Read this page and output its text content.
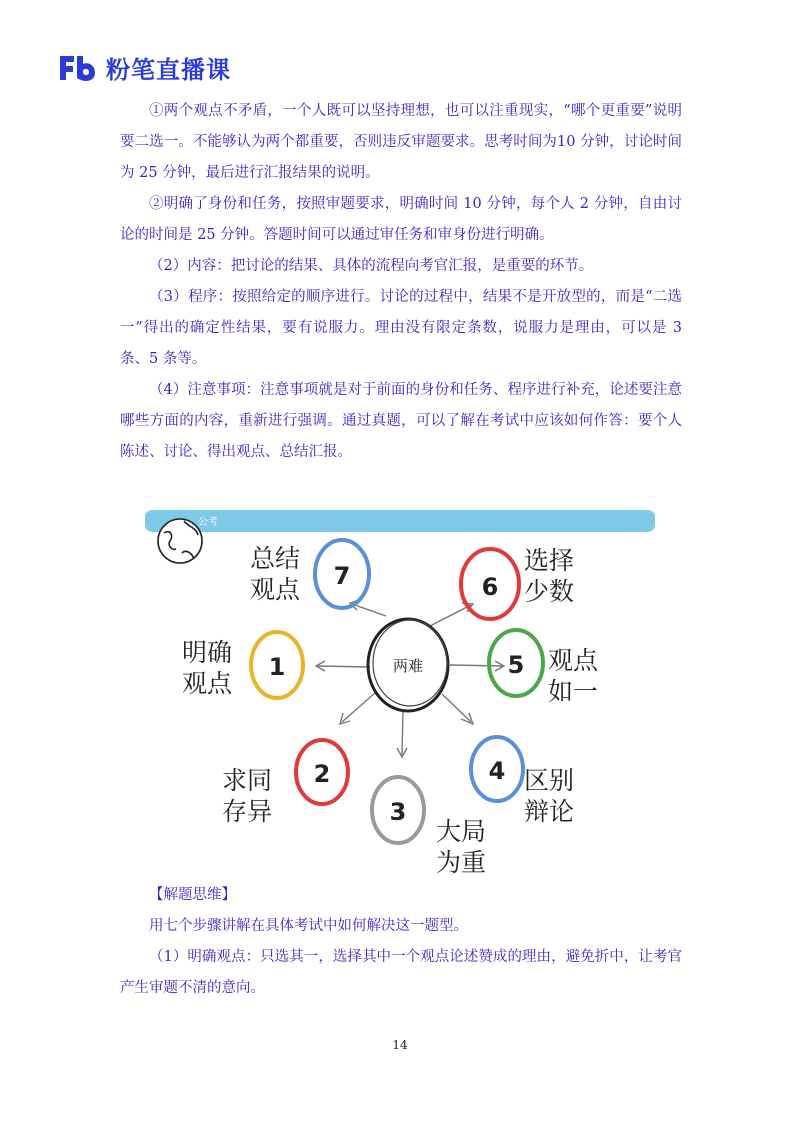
粉笔直播课

①两个观点不矛盾，一个人既可以坚持理想，也可以注重现实，“哪个更重要”说明要二选一。不能够认为两个都重要，否则违反审题要求。思考时间为10 分钟，讨论时间为 25 分钟，最后进行汇报结果的说明。

②明确了身份和任务，按照审题要求，明确时间 10 分钟，每个人 2 分钟，自由讨论的时间是 25 分钟。答题时间可以通过审任务和审身份进行明确。

（2）内容：把讨论的结果、具体的流程向考官汇报，是重要的环节。

（3）程序：按照给定的顺序进行。讨论的过程中，结果不是开放型的，而是“二选一”得出的确定性结果，要有说服力。理由没有限定条数，说服力是理由，可以是 3 条、5 条等。

（4）注意事项：注意事项就是对于前面的身份和任务、程序进行补充，论述要注意哪些方面的内容，重新进行强调。通过真题，可以了解在考试中应该如何作答：要个人陈述、讨论、得出观点、总结汇报。

公考
两难
7
总结
观点	6
选择
少数
1
明确
观点
5 观点
如一
2
求同
存异	3
大局
为重
4 区别
辩论

【解题思维】

用七个步骤讲解在具体考试中如何解决这一题型。

（1）明确观点：只选其一，选择其中一个观点论述赞成的理由，避免折中，让考官产生审题不清的意向。

14
